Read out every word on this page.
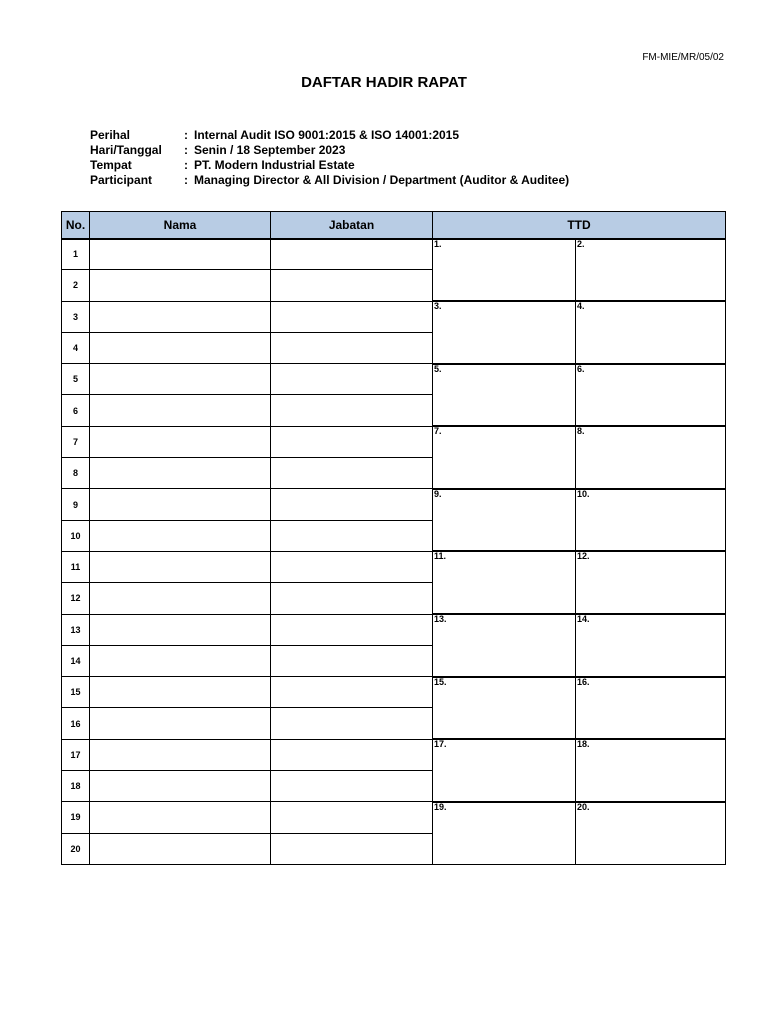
FM-MIE/MR/05/02
DAFTAR HADIR RAPAT
Perihal	: Internal Audit ISO 9001:2015 & ISO 14001:2015
Hari/Tanggal	: Senin / 18 September 2023
Tempat	: PT. Modern Industrial Estate
Participant	: Managing Director & All Division / Department (Auditor & Auditee)
No.	Nama	Jabatan	TTD	
1			1.	2.
2				
3			3.	4.
4				
5			5.	6.
6				
7			7.	8.
8				
9			9.	10.
10				
11			11.	12.
12				
13			13.	14.
14				
15			15.	16.
16				
17			17.	18.
18				
19			19.	20.
20				
